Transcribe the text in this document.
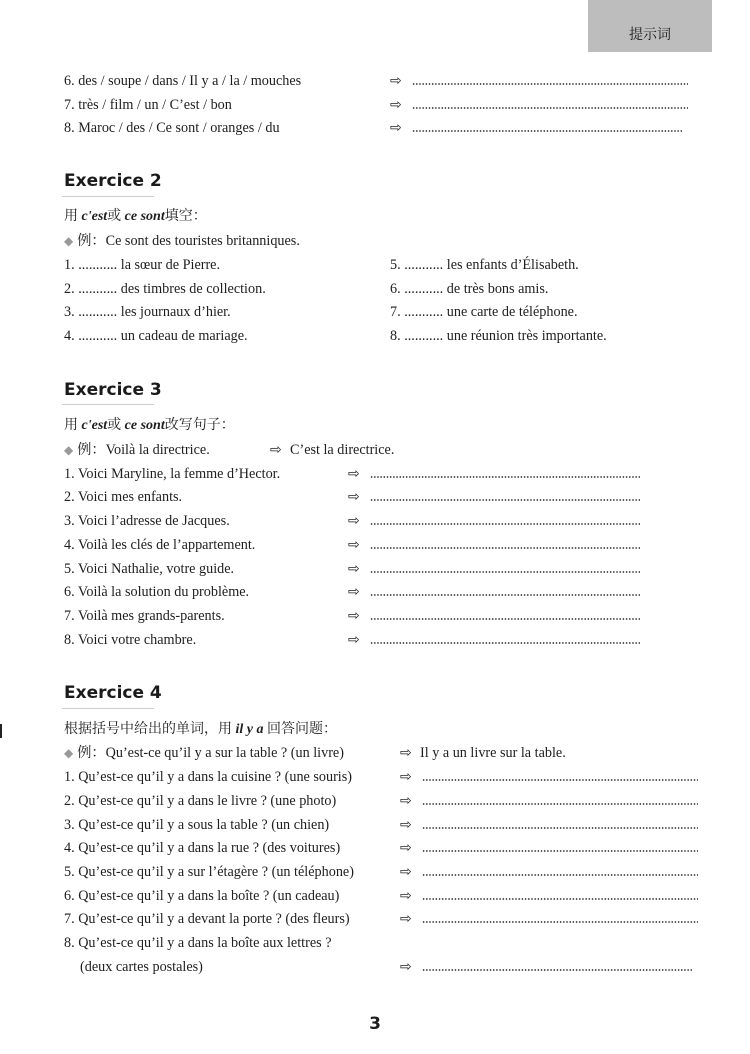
提示词
6. des / soupe / dans / Il y a / la / mouches	⇨
7. très / film / un / C’est / bon	⇨
8. Maroc / des / Ce sont / oranges / du	⇨
Exercice 2
用 c'est或 ce sont填空：
◆ 例：Ce sont des touristes britanniques.
1. ........... la sœur de Pierre.
2. ........... des timbres de collection.
3. ........... les journaux d’hier.
4. ........... un cadeau de mariage.
5. ........... les enfants d’Élisabeth.
6. ........... de très bons amis.
7. ........... une carte de téléphone.
8. ........... une réunion très importante.
Exercice 3
用 c'est或 ce sont改写句子：
◆ 例：Voilà la directrice.	⇨ C’est la directrice.
1. Voici Maryline, la femme d’Hector.	⇨
2. Voici mes enfants.	⇨
3. Voici l’adresse de Jacques.	⇨
4. Voilà les clés de l’appartement.	⇨
5. Voici Nathalie, votre guide.	⇨
6. Voilà la solution du problème.	⇨
7. Voilà mes grands-parents.	⇨
8. Voici votre chambre.	⇨
Exercice 4
根据括号中给出的单词，用 il y a 回答问题：
◆ 例：Qu’est-ce qu’il y a sur la table ? (un livre)	⇨ Il y a un livre sur la table.
1. Qu’est-ce qu’il y a dans la cuisine ? (une souris)	⇨
2. Qu’est-ce qu’il y a dans le livre ? (une photo)	⇨
3. Qu’est-ce qu’il y a sous la table ? (un chien)	⇨
4. Qu’est-ce qu’il y a dans la rue ? (des voitures)	⇨
5. Qu’est-ce qu’il y a sur l’étagère ? (un téléphone)	⇨
6. Qu’est-ce qu’il y a dans la boîte ? (un cadeau)	⇨
7. Qu’est-ce qu’il y a devant la porte ? (des fleurs)	⇨
8. Qu’est-ce qu’il y a dans la boîte aux lettres ?
(deux cartes postales)	⇨
3
